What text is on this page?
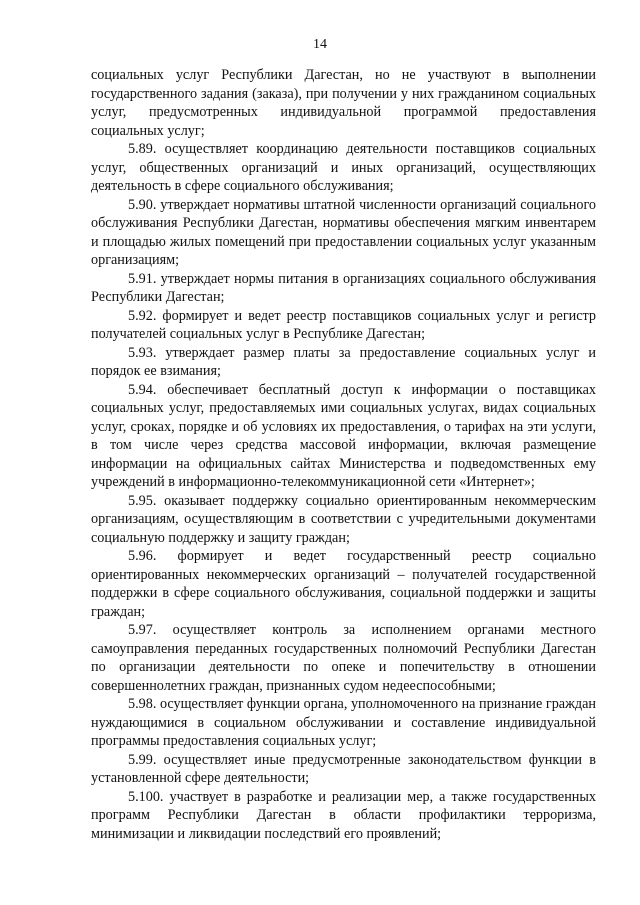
14

социальных услуг Республики Дагестан, но не участвуют в выполнении государственного задания (заказа), при получении у них гражданином социальных услуг, предусмотренных индивидуальной программой предоставления социальных услуг;

5.89. осуществляет координацию деятельности поставщиков социальных услуг, общественных организаций и иных организаций, осуществляющих деятельность в сфере социального обслуживания;

5.90. утверждает нормативы штатной численности организаций социального обслуживания Республики Дагестан, нормативы обеспечения мягким инвентарем и площадью жилых помещений при предоставлении социальных услуг указанным организациям;

5.91. утверждает нормы питания в организациях социального обслуживания Республики Дагестан;

5.92. формирует и ведет реестр поставщиков социальных услуг и регистр получателей социальных услуг в Республике Дагестан;

5.93. утверждает размер платы за предоставление социальных услуг и порядок ее взимания;

5.94. обеспечивает бесплатный доступ к информации о поставщиках социальных услуг, предоставляемых ими социальных услугах, видах социальных услуг, сроках, порядке и об условиях их предоставления, о тарифах на эти услуги, в том числе через средства массовой информации, включая размещение информации на официальных сайтах Министерства и подведомственных ему учреждений в информационно-телекоммуникационной сети «Интернет»;

5.95. оказывает поддержку социально ориентированным некоммерческим организациям, осуществляющим в соответствии с учредительными документами социальную поддержку и защиту граждан;

5.96. формирует и ведет государственный реестр социально ориентированных некоммерческих организаций – получателей государственной поддержки в сфере социального обслуживания, социальной поддержки и защиты граждан;

5.97. осуществляет контроль за исполнением органами местного самоуправления переданных государственных полномочий Республики Дагестан по организации деятельности по опеке и попечительству в отношении совершеннолетних граждан, признанных судом недееспособными;

5.98. осуществляет функции органа, уполномоченного на признание граждан нуждающимися в социальном обслуживании и составление индивидуальной программы предоставления социальных услуг;

5.99. осуществляет иные предусмотренные законодательством функции в установленной сфере деятельности;

5.100. участвует в разработке и реализации мер, а также государственных программ Республики Дагестан в области профилактики терроризма, минимизации и ликвидации последствий его проявлений;
